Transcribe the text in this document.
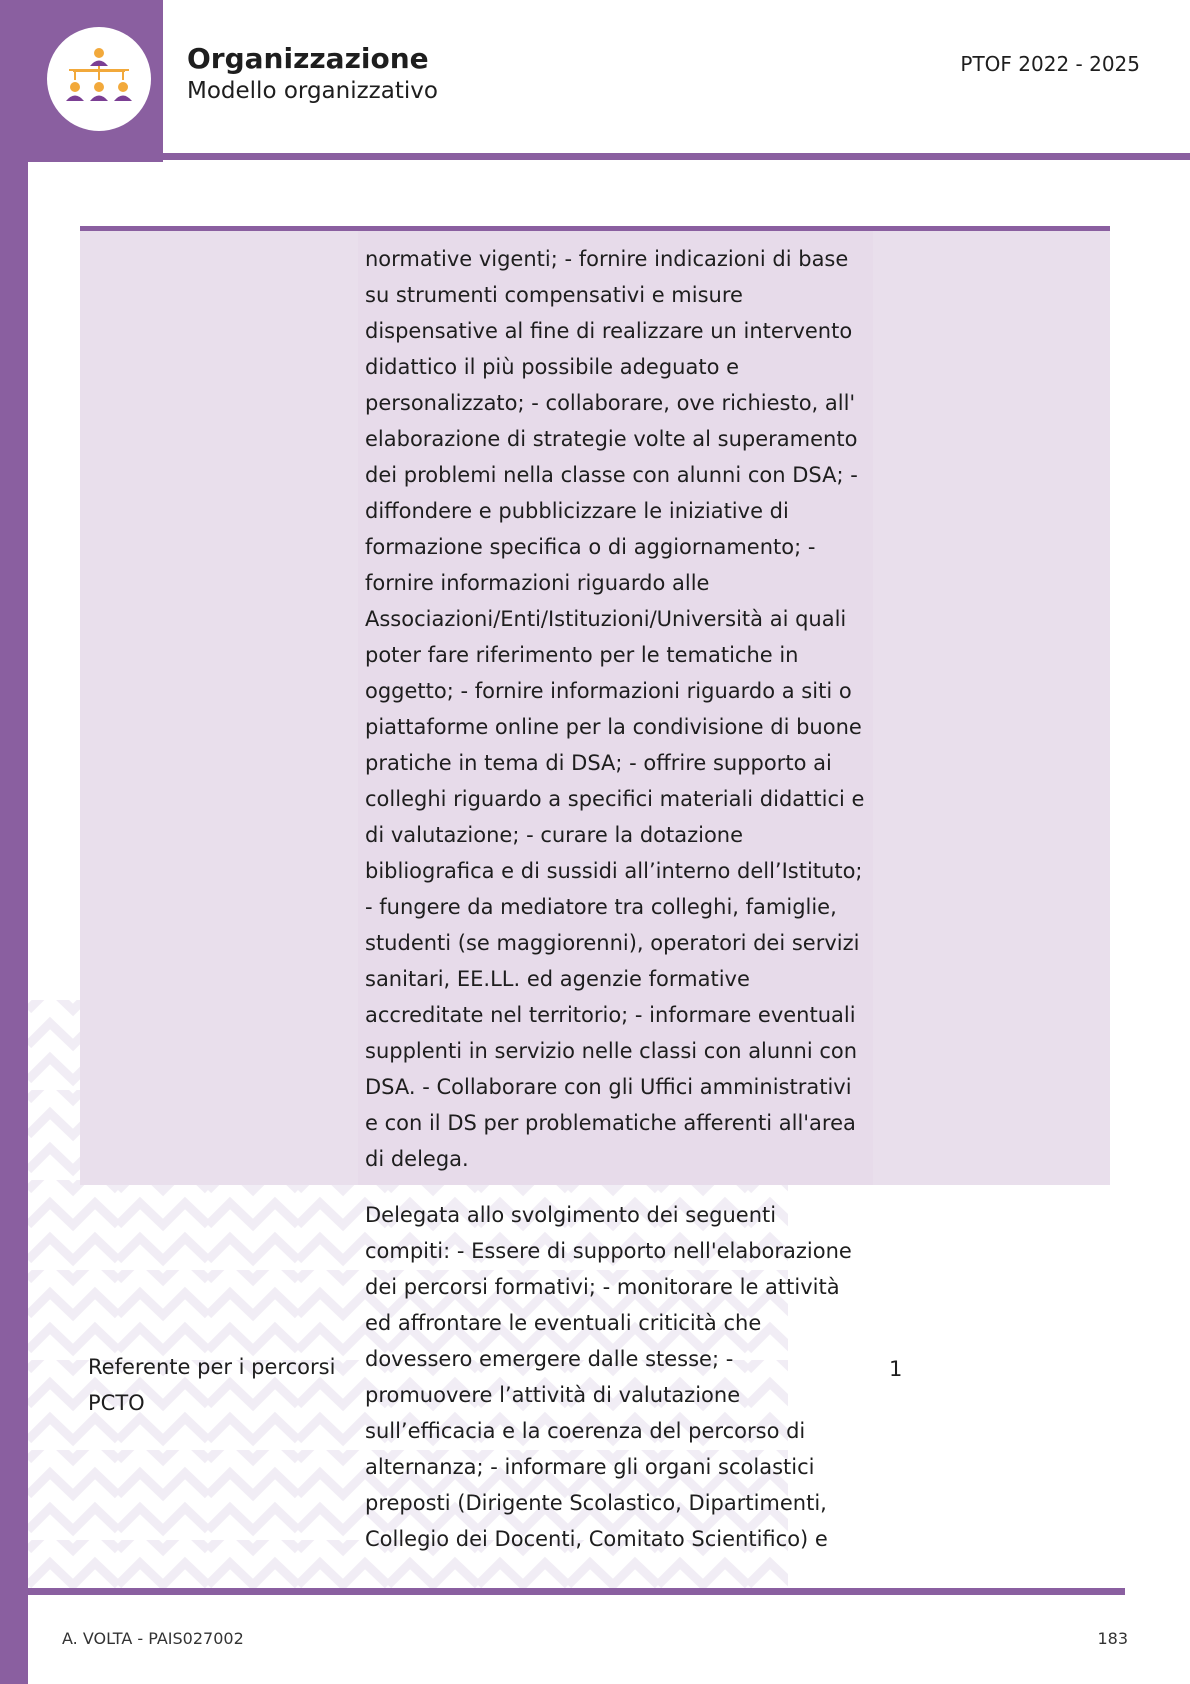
Organizzazione
Modello organizzativo
PTOF 2022 - 2025
normative vigenti; - fornire indicazioni di base su strumenti compensativi e misure dispensative al fine di realizzare un intervento didattico il più possibile adeguato e personalizzato; - collaborare, ove richiesto, all' elaborazione di strategie volte al superamento dei problemi nella classe con alunni con DSA; - diffondere e pubblicizzare le iniziative di formazione specifica o di aggiornamento; - fornire informazioni riguardo alle Associazioni/Enti/Istituzioni/Università ai quali poter fare riferimento per le tematiche in oggetto; - fornire informazioni riguardo a siti o piattaforme online per la condivisione di buone pratiche in tema di DSA; - offrire supporto ai colleghi riguardo a specifici materiali didattici e di valutazione; - curare la dotazione bibliografica e di sussidi all’interno dell’Istituto; - fungere da mediatore tra colleghi, famiglie, studenti (se maggiorenni), operatori dei servizi sanitari, EE.LL. ed agenzie formative accreditate nel territorio; - informare eventuali supplenti in servizio nelle classi con alunni con DSA. - Collaborare con gli Uffici amministrativi e con il DS per problematiche afferenti all'area di delega.
Referente per i percorsi PCTO
Delegata allo svolgimento dei seguenti compiti: - Essere di supporto nell'elaborazione dei percorsi formativi; - monitorare le attività ed affrontare le eventuali criticità che dovessero emergere dalle stesse; - promuovere l’attività di valutazione sull’efficacia e la coerenza del percorso di alternanza; - informare gli organi scolastici preposti (Dirigente Scolastico, Dipartimenti, Collegio dei Docenti, Comitato Scientifico) e
1
A. VOLTA - PAIS027002	183
